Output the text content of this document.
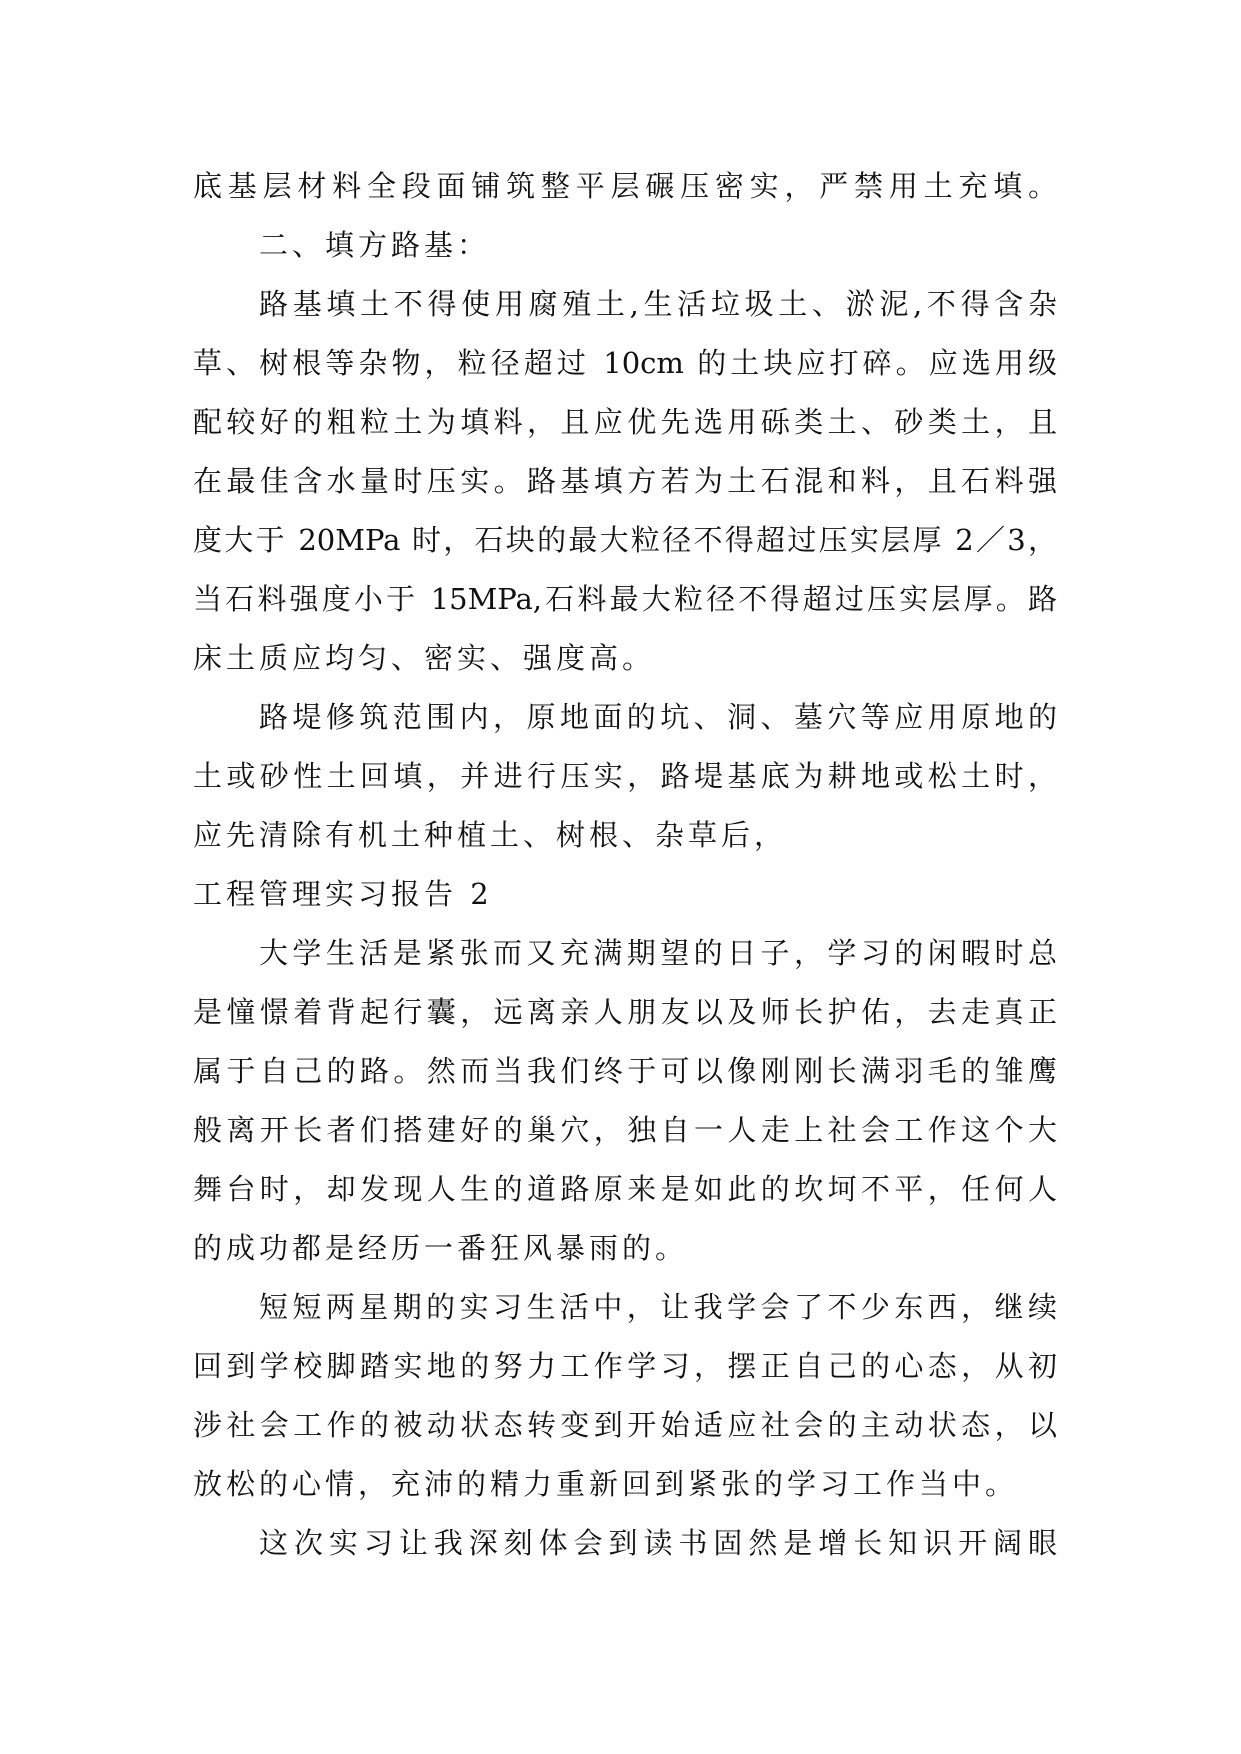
底基层材料全段面铺筑整平层碾压密实，严禁用土充填。
二、填方路基：
路基填土不得使用腐殖土,生活垃圾土、淤泥,不得含杂
草、树根等杂物，粒径超过 10cm 的土块应打碎。应选用级
配较好的粗粒土为填料，且应优先选用砾类土、砂类土，且
在最佳含水量时压实。路基填方若为土石混和料，且石料强
度大于 20MPa 时，石块的最大粒径不得超过压实层厚 2／3，
当石料强度小于 15MPa,石料最大粒径不得超过压实层厚。路
床土质应均匀、密实、强度高。
路堤修筑范围内，原地面的坑、洞、墓穴等应用原地的
土或砂性土回填，并进行压实，路堤基底为耕地或松土时，
应先清除有机土种植土、树根、杂草后，
工程管理实习报告 2
大学生活是紧张而又充满期望的日子，学习的闲暇时总
是憧憬着背起行囊，远离亲人朋友以及师长护佑，去走真正
属于自己的路。然而当我们终于可以像刚刚长满羽毛的雏鹰
般离开长者们搭建好的巢穴，独自一人走上社会工作这个大
舞台时，却发现人生的道路原来是如此的坎坷不平，任何人
的成功都是经历一番狂风暴雨的。
短短两星期的实习生活中，让我学会了不少东西，继续
回到学校脚踏实地的努力工作学习，摆正自己的心态，从初
涉社会工作的被动状态转变到开始适应社会的主动状态，以
放松的心情，充沛的精力重新回到紧张的学习工作当中。
这次实习让我深刻体会到读书固然是增长知识开阔眼
